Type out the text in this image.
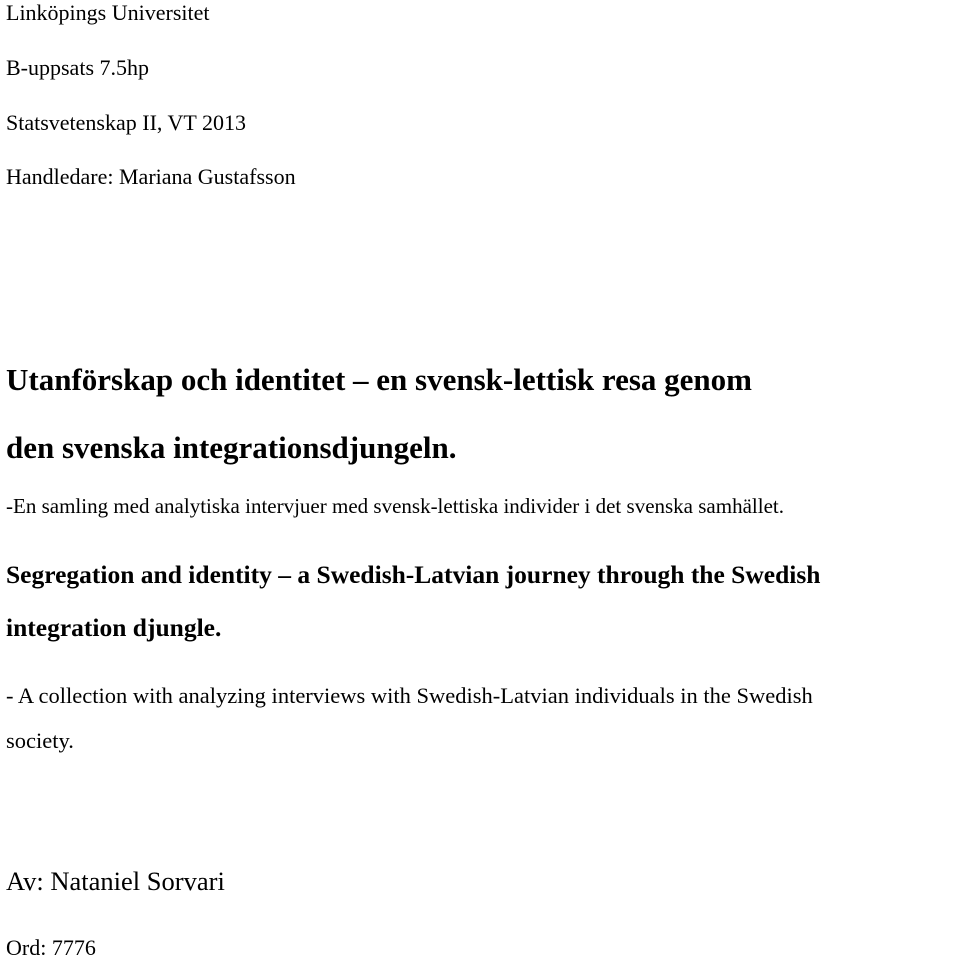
Linköpings Universitet

B-uppsats 7.5hp

Statsvetenskap II, VT 2013

Handledare: Mariana Gustafsson

Utanförskap och identitet – en svensk-lettisk resa genom

den svenska integrationsdjungeln.

-En samling med analytiska intervjuer med svensk-lettiska individer i det svenska samhället.

Segregation and identity – a Swedish-Latvian journey through the Swedish

integration djungle.

- A collection with analyzing interviews with Swedish-Latvian individuals in the Swedish

society.

Av: Nataniel Sorvari

Ord: 7776
